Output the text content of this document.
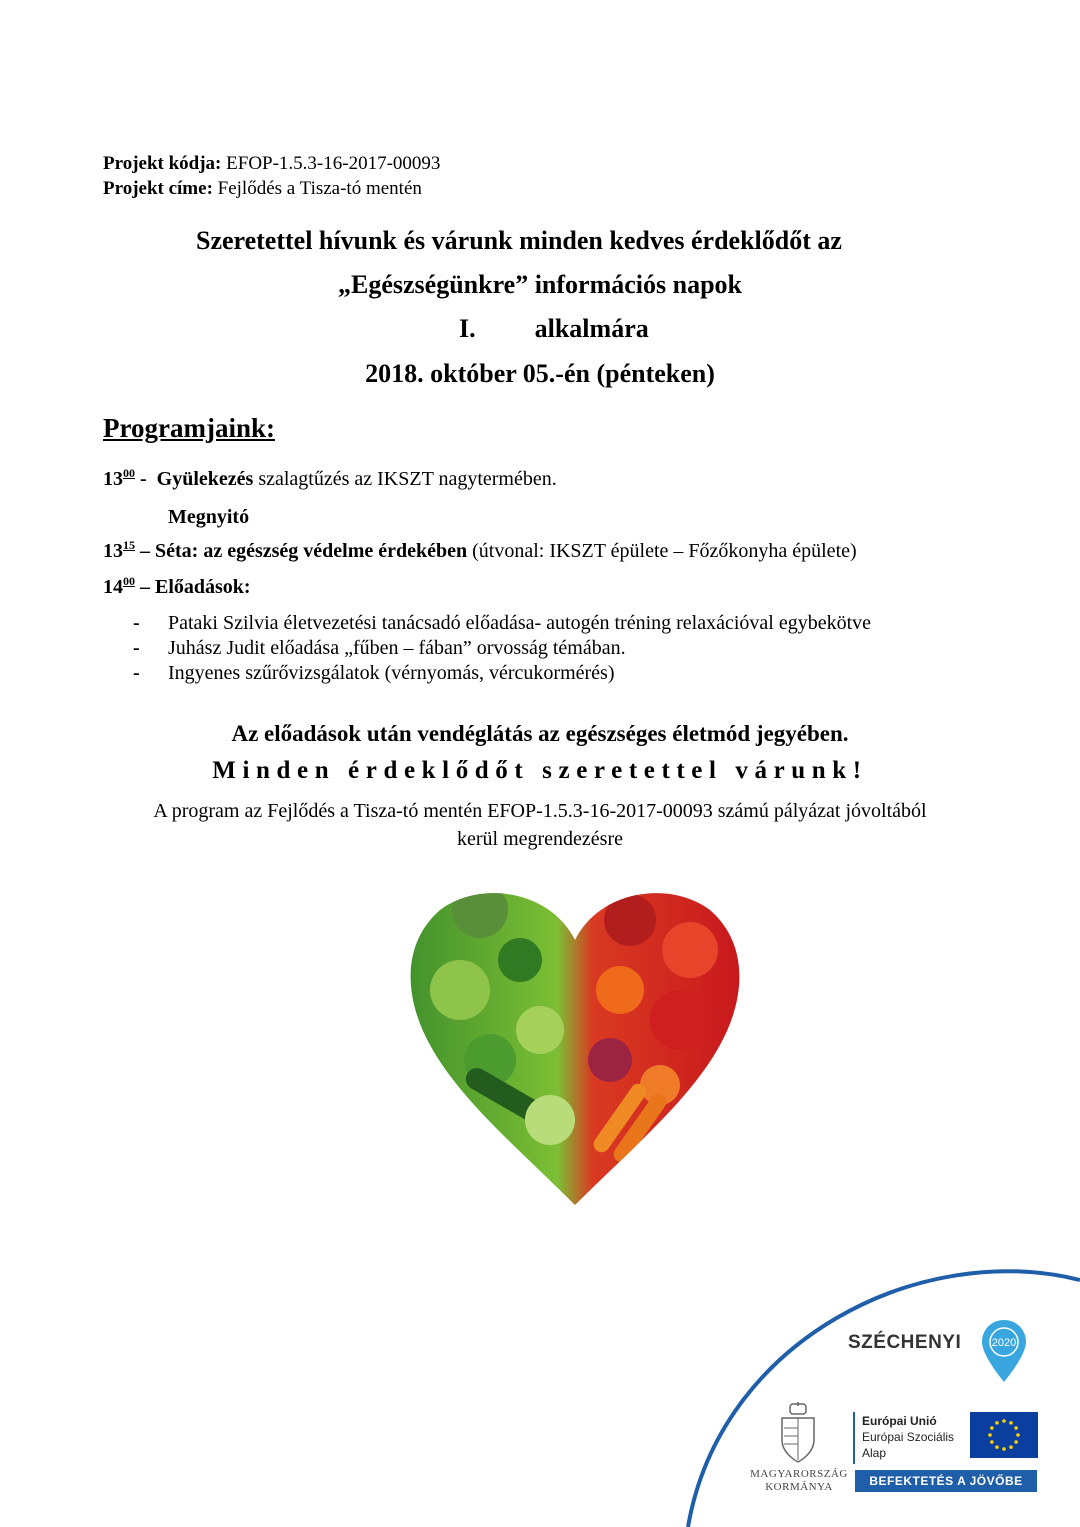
Projekt kódja: EFOP-1.5.3-16-2017-00093
Projekt címe: Fejlődés a Tisza-tó mentén
Szeretettel hívunk és várunk minden kedves érdeklődőt az
„Egészségünkre” információs napok
I. alkalmára
2018. október 05.-én (pénteken)
Programjaink:
$13^{00}$ - Gyülekezés szalagtűzés az IKSZT nagytermében.
Megnyitó
$13^{15}$ – Séta: az egészség védelme érdekében (útvonal: IKSZT épülete – Főzőkonyha épülete)
$14^{00}$ – Előadások:
-	Pataki Szilvia életvezetési tanácsadó előadása- autogén tréning relaxációval egybekötve
-	Juhász Judit előadása „fűben – fában” orvosság témában.
-	Ingyenes szűrővizsgálatok (vérnyomás, vércukormérés)
Az előadások után vendéglátás az egészséges életmód jegyében.
Minden érdeklődőt szeretettel várunk!
A program az Fejlődés a Tisza-tó mentén EFOP-1.5.3-16-2017-00093 számú pályázat jóvoltából
kerül megrendezésre
SZÉCHENYI	2020
MAGYARORSZÁG
KORMÁNYA
Európai Unió
Európai Szociális
Alap
BEFEKTETÉS A JÖVŐBE
